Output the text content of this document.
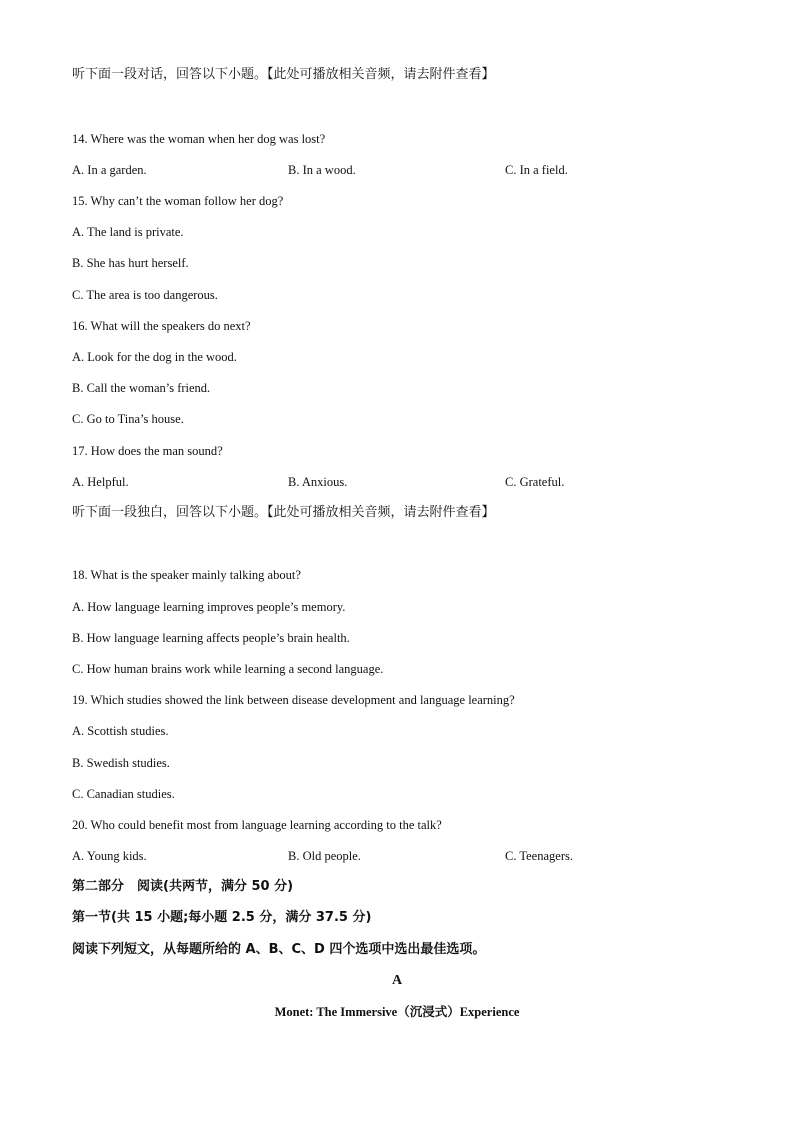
听下面一段对话，回答以下小题。【此处可播放相关音频，请去附件查看】
14. Where was the woman when her dog was lost?
A. In a garden.	B. In a wood.	C. In a field.
15. Why can’t the woman follow her dog?
A. The land is private.
B. She has hurt herself.
C. The area is too dangerous.
16. What will the speakers do next?
A. Look for the dog in the wood.
B. Call the woman’s friend.
C. Go to Tina’s house.
17. How does the man sound?
A. Helpful.	B. Anxious.	C. Grateful.
听下面一段独白，回答以下小题。【此处可播放相关音频，请去附件查看】
18. What is the speaker mainly talking about?
A. How language learning improves people’s memory.
B. How language learning affects people’s brain health.
C. How human brains work while learning a second language.
19. Which studies showed the link between disease development and language learning?
A. Scottish studies.
B. Swedish studies.
C. Canadian studies.
20. Who could benefit most from language learning according to the talk?
A. Young kids.	B. Old people.	C. Teenagers.
第二部分　阅读(共两节，满分 50 分)
第一节(共 15 小题;每小题 2.5 分，满分 37.5 分)
阅读下列短文，从每题所给的 A、B、C、D 四个选项中选出最佳选项。
A
Monet: The Immersive（沉浸式）Experience
